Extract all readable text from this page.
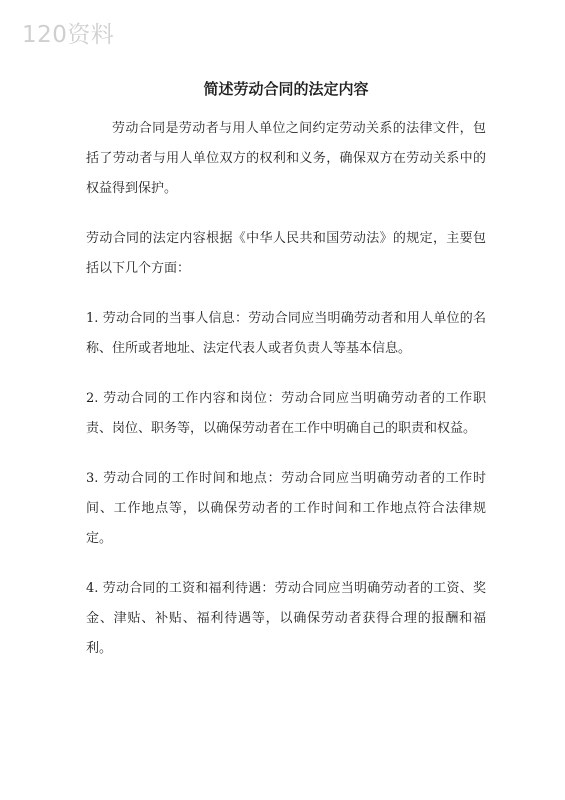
120资料
简述劳动合同的法定内容

劳动合同是劳动者与用人单位之间约定劳动关系的法律文件，包括了劳动者与用人单位双方的权利和义务，确保双方在劳动关系中的权益得到保护。

劳动合同的法定内容根据《中华人民共和国劳动法》的规定，主要包括以下几个方面：

1. 劳动合同的当事人信息：劳动合同应当明确劳动者和用人单位的名称、住所或者地址、法定代表人或者负责人等基本信息。

2. 劳动合同的工作内容和岗位：劳动合同应当明确劳动者的工作职责、岗位、职务等，以确保劳动者在工作中明确自己的职责和权益。

3. 劳动合同的工作时间和地点：劳动合同应当明确劳动者的工作时间、工作地点等，以确保劳动者的工作时间和工作地点符合法律规定。

4. 劳动合同的工资和福利待遇：劳动合同应当明确劳动者的工资、奖金、津贴、补贴、福利待遇等，以确保劳动者获得合理的报酬和福利。
